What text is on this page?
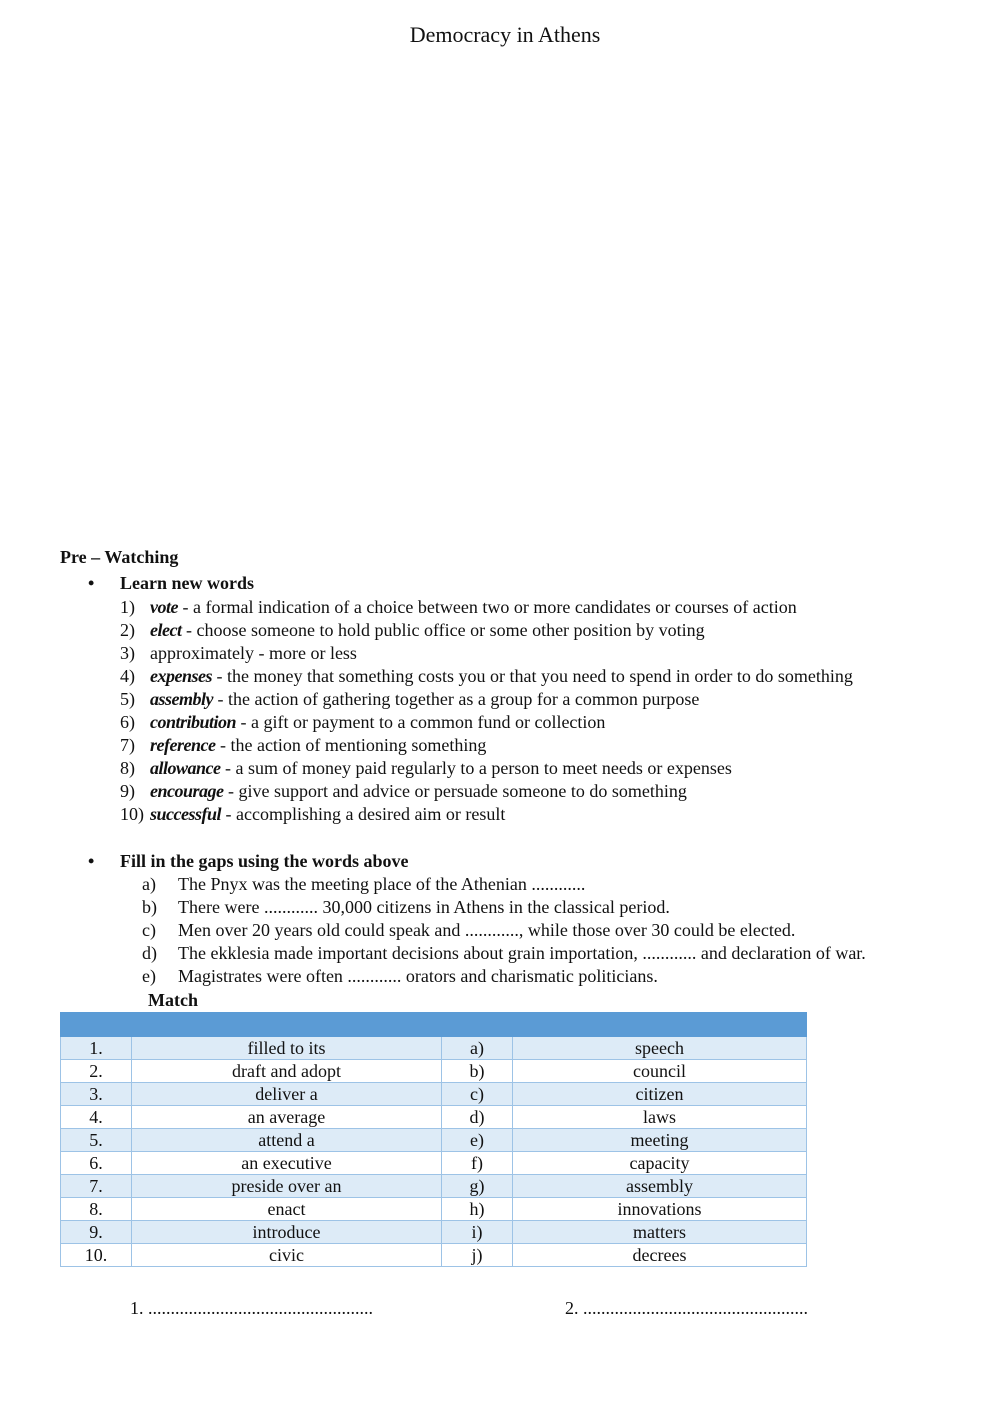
Democracy in Athens
Pre – Watching
• Learn new words
1) vote - a formal indication of a choice between two or more candidates or courses of action
2) elect - choose someone to hold public office or some other position by voting
3) approximately - more or less
4) expenses - the money that something costs you or that you need to spend in order to do something
5) assembly - the action of gathering together as a group for a common purpose
6) contribution - a gift or payment to a common fund or collection
7) reference - the action of mentioning something
8) allowance - a sum of money paid regularly to a person to meet needs or expenses
9) encourage - give support and advice or persuade someone to do something
10) successful - accomplishing a desired aim or result
• Fill in the gaps using the words above
a) The Pnyx was the meeting place of the Athenian ............
b) There were ............ 30,000 citizens in Athens in the classical period.
c) Men over 20 years old could speak and ............, while those over 30 could be elected.
d) The ekklesia made important decisions about grain importation, ............ and declaration of war.
e) Magistrates were often ............ orators and charismatic politicians.
Match

1.	filled to its	a)	speech
2.	draft and adopt	b)	council
3.	deliver a	c)	citizen
4.	an average	d)	laws
5.	attend a	e)	meeting
6.	an executive	f)	capacity
7.	preside over an	g)	assembly
8.	enact	h)	innovations
9.	introduce	i)	matters
10.	civic	j)	decrees
1. ..................................................	2. ..................................................
